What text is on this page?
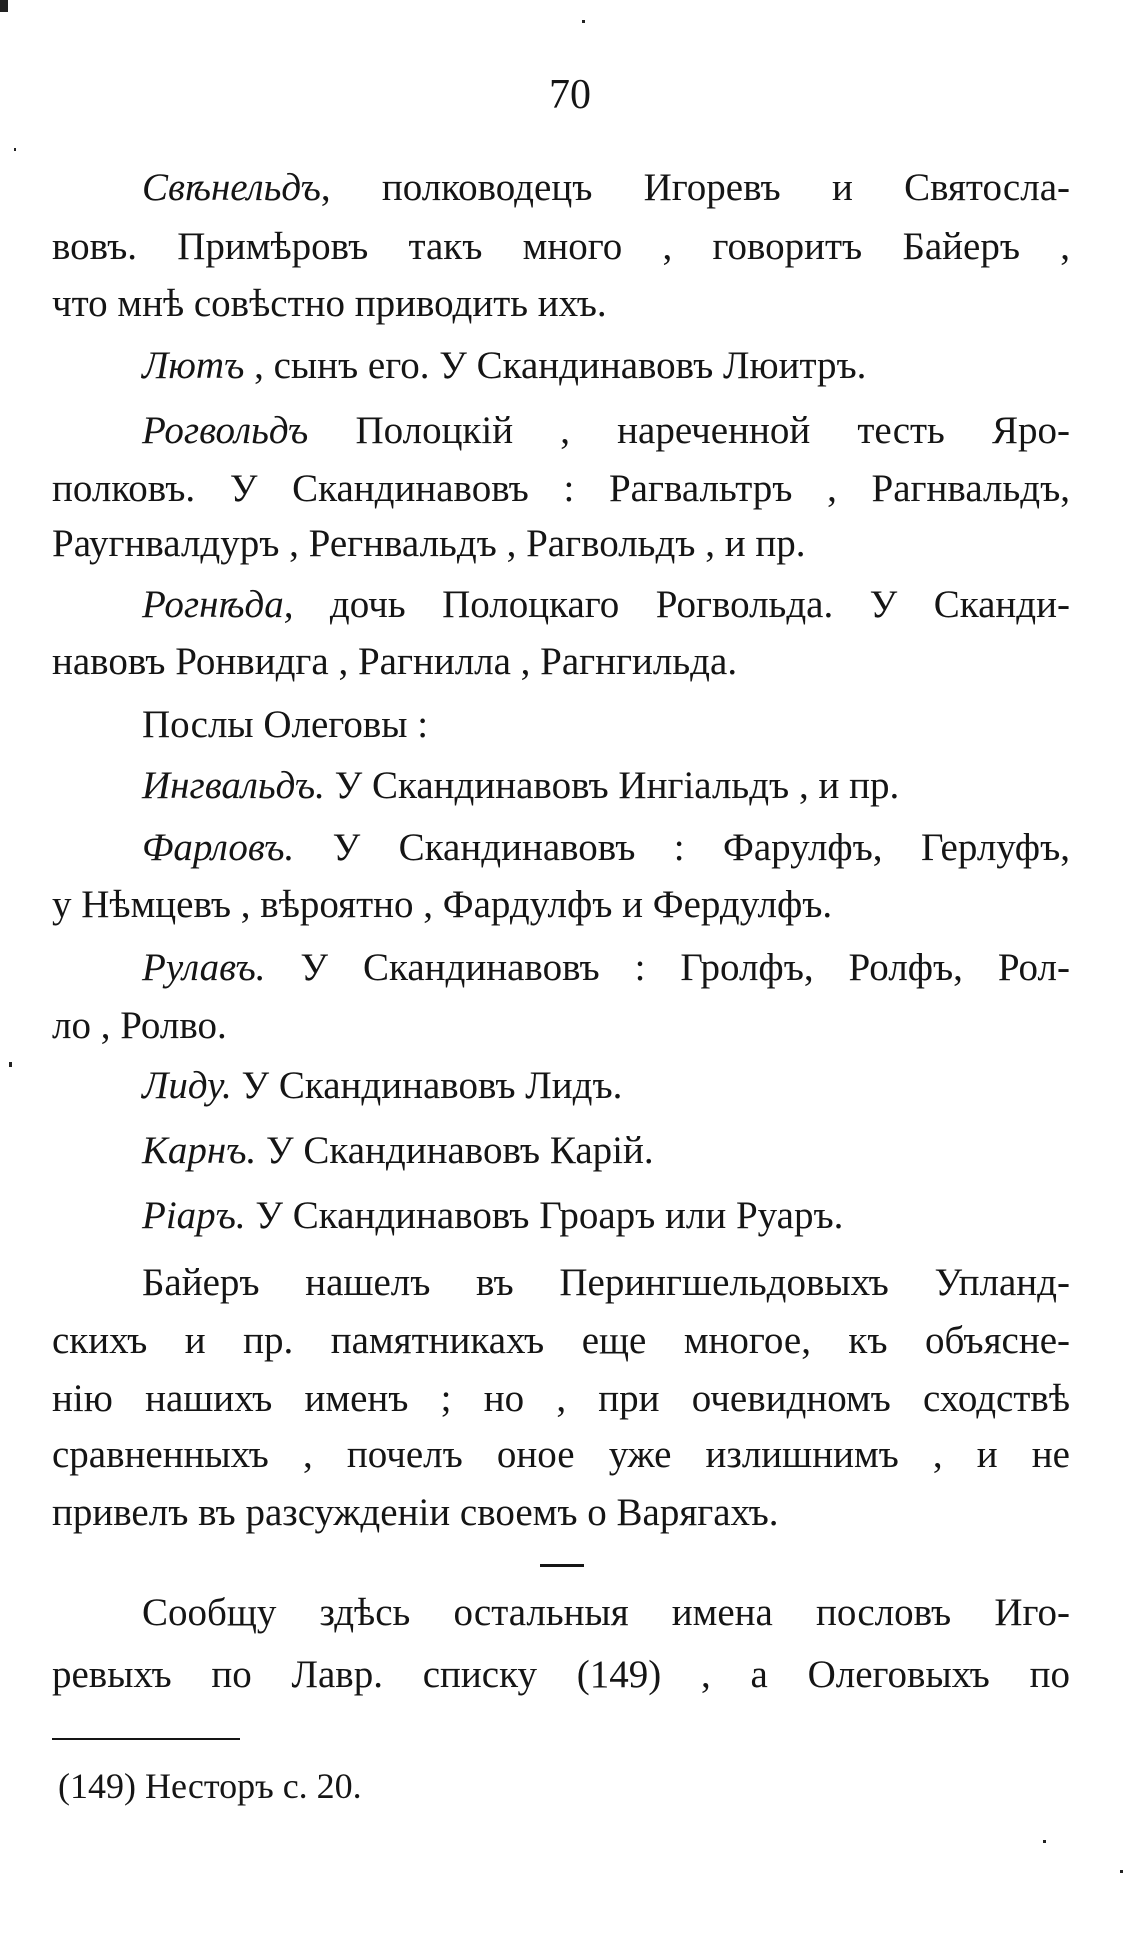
70
Свѣнельдъ, полководецъ Игоревъ и Святосла-
вовъ. Примѣровъ такъ много , говоритъ Байеръ ,
что мнѣ совѣстно приводить ихъ.
Лютъ , сынъ его. У Скандинавовъ Люитръ.
Рогвольдъ Полоцкій , нареченной тесть Яро-
полковъ. У Скандинавовъ : Рагвальтръ , Рагнвальдъ,
Раугнвалдуръ , Регнвальдъ , Рагвольдъ , и пр.
Рогнѣда, дочь Полоцкаго Рогвольда. У Сканди-
навовъ Ронвидга , Рагнилла , Рагнгильда.
Послы Олеговы :
Ингвальдъ. У Скандинавовъ Ингіальдъ , и пр.
Фарловъ. У Скандинавовъ : Фарулфъ, Герлуфъ,
у Нѣмцевъ , вѣроятно , Фардулфъ и Фердулфъ.
Рулавъ. У Скандинавовъ : Гролфъ, Ролфъ, Рол-
ло , Ролво.
Лиду. У Скандинавовъ Лидъ.
Карнъ. У Скандинавовъ Карій.
Ріаръ. У Скандинавовъ Гроаръ или Руаръ.
Байеръ нашелъ въ Перингшельдовыхъ Упланд-
скихъ и пр. памятникахъ еще многое, къ объясне-
нію нашихъ именъ ; но , при очевидномъ сходствѣ
сравненныхъ , почелъ оное уже излишнимъ , и не
привелъ въ разсужденіи своемъ о Варягахъ.
Сообщу здѣсь остальныя имена пословъ Иго-
ревыхъ по Лавр. списку (149) , а Олеговыхъ по
(149) Несторъ с. 20.
